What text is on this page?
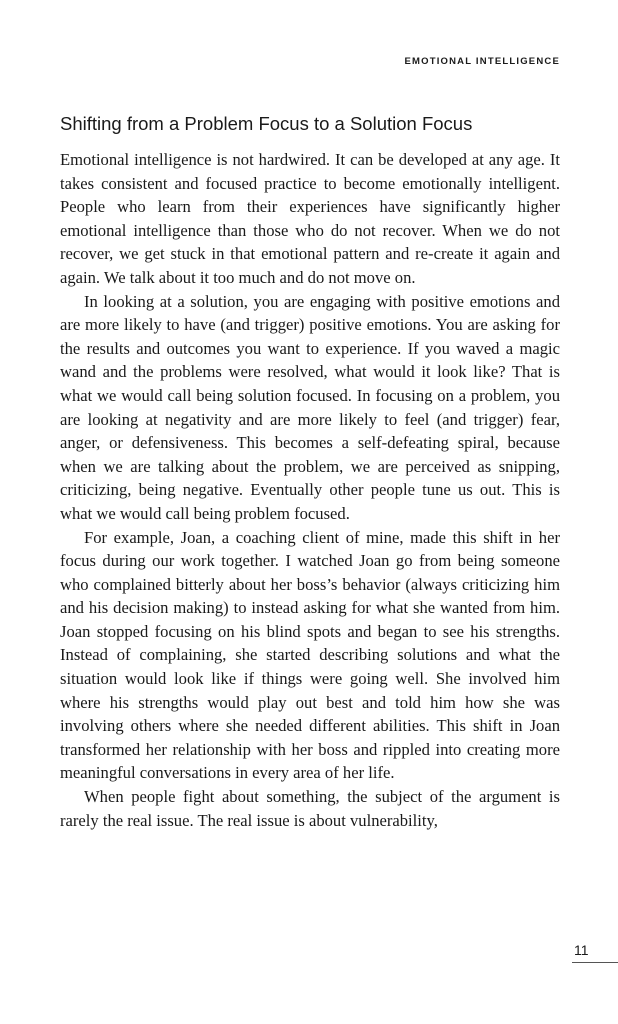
EMOTIONAL INTELLIGENCE
Shifting from a Problem Focus to a Solution Focus

Emotional intelligence is not hardwired. It can be developed at any age. It takes consistent and focused practice to become emotionally intelligent. People who learn from their experiences have significantly higher emotional intelligence than those who do not recover. When we do not recover, we get stuck in that emotional pattern and re-create it again and again. We talk about it too much and do not move on.

In looking at a solution, you are engaging with positive emotions and are more likely to have (and trigger) positive emotions. You are asking for the results and outcomes you want to experience. If you waved a magic wand and the problems were resolved, what would it look like? That is what we would call being solution focused. In focusing on a problem, you are looking at negativity and are more likely to feel (and trigger) fear, anger, or defensiveness. This becomes a self-defeating spiral, because when we are talking about the problem, we are perceived as snipping, criticizing, being negative. Eventually other people tune us out. This is what we would call being problem focused.

For example, Joan, a coaching client of mine, made this shift in her focus during our work together. I watched Joan go from being someone who complained bitterly about her boss’s behavior (always criticizing him and his decision making) to instead asking for what she wanted from him. Joan stopped focusing on his blind spots and began to see his strengths. Instead of complaining, she started describing solutions and what the situation would look like if things were going well. She involved him where his strengths would play out best and told him how she was involving others where she needed different abilities. This shift in Joan transformed her relationship with her boss and rippled into creating more meaningful conversations in every area of her life.

When people fight about something, the subject of the argument is rarely the real issue. The real issue is about vulnerability,

11
